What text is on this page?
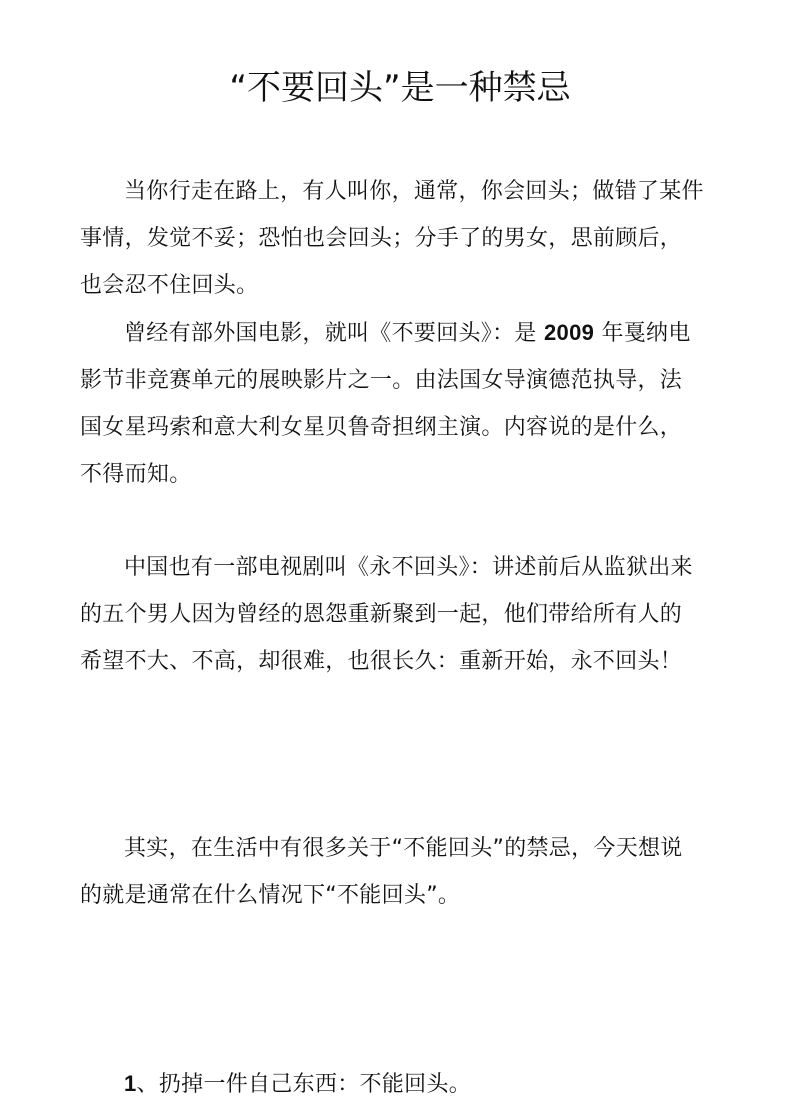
“不要回头”是一种禁忌

当你行走在路上，有人叫你，通常，你会回头；做错了某件事情，发觉不妥；恐怕也会回头；分手了的男女，思前顾后，也会忍不住回头。

曾经有部外国电影，就叫《不要回头》：是 2009 年戛纳电影节非竞赛单元的展映影片之一。由法国女导演德范执导，法国女星玛索和意大利女星贝鲁奇担纲主演。内容说的是什么，不得而知。

中国也有一部电视剧叫《永不回头》：讲述前后从监狱出来的五个男人因为曾经的恩怨重新聚到一起，他们带给所有人的希望不大、不高，却很难，也很长久：重新开始，永不回头！

其实，在生活中有很多关于“不能回头”的禁忌，今天想说的就是通常在什么情况下“不能回头”。

1、扔掉一件自己东西：不能回头。
